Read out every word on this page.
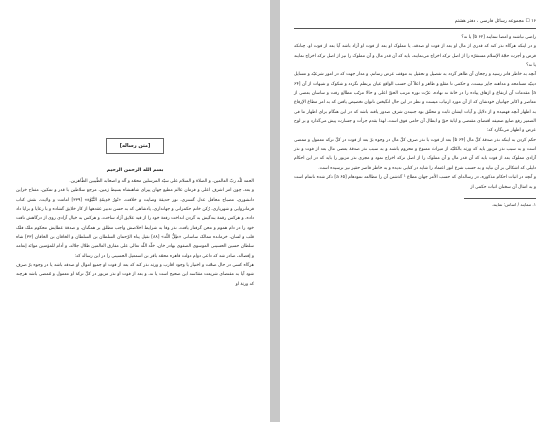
[متن رساله]

بسم الله الرحمن الرحیم

الحمد للّه ربّ العالمین، و الصلاة و السلام علی سیّد المرسلین محمّد و آله و اصحابه الطّیبین الطّاهرین.

و بعد، چون امر اشرف اعلی و فرمان عالم مطیع جهان پیرای شاهنشاه بسیط زمین، مرجع سلاطین با قدر و تمکین، مفتاح خزاین دانشوری، مصباح محافل عدل گستری، نور حدیقهٔ وصایت و خلافت، «نُورُ حَدِیقَةِ النُّبُوَّة» [۳۳۹] امامت و ولایت، نقش کتاب فرمانروایی و شهریاری، رُکن خاتم حکمرانی و جهانداری، پادشاهی که به حسن تدبیر عقدهها از کار خلایق گشاده و با رعایا و برایا داد داده، و هرکس رقمهٔ بندگیش به گردن انداخت رفعهٔ خود را از قید علایق آزاد ساخت، و هرکس به خیال آزادی روی از درگاهش تافت خود را در دام هموم و محن گرفتار یافت، نذر وفا به شرایط اخلاصش واجب مطلق بر همگنان، و صدقهٔ عطایش محکوم ملک فلک قلب و لسان، خرمانده ممالک ساسانی «ظِلُّ اللّه» [۸۸] نقیل پناه الرّحمان السلطان بن السلطان و الخاقان بن الخاقان [۳۳] شاه سلطان حسین الحسینی الموسوی الصفوی بهادر خان، خلّد اللّه تعالی علی مفارق العالمین ظلال جلاله، و أدام للمؤمنین موائد إنعامه و إفضاله، صادر شد که داعی دوام دولت قاهره محمّد باقر بن اسمعیل الحسینی را در این رساله که:

هرگاه کسی در حال صحّت و اختیار یا وجود اقارب و ورثه نذر کند که بعد از فوت او جمیع اموال او صدقه باشد یا در وجوه برّ صرف شود آیا به مقتضای شریعت مقدّسه این صحیح است یا نه، و بعد از فوت او نذر مزبور در کلّ ترکهٔ او معمول و مُمضی باشد هرچند که ورثهٔ او

۱۶ ☐ مجموعه رسائل فارسی ، دفتر هشتم

راضی نباشند و امضا ننمایند [۶۲ b] یا نه؟

و در اینکه هرگاه نذر کند که قدری از مال او بعد از فوت او صدقه، یا مملوک او بعد از فوت او آزاد باشد آیا بعد از فوت او، چنانکه فرض و أجرت حجّة الإسلام مستقرّه را از اصل ترکه اخراج می‌نمایند، باید که آن قدر مال و آن مملوک را نیز از اصل ترکه اخراج نمایند یا نه؟

آنچه به خاطر فاتر رسید و رجحان آن ظاهر گردد به تفصیل و تحقیل به موقف عرض رسانم، و مدار جهت که در امور شرعیّه و مسایل دینیّه مسامحه و مداهنه جایز نیست، و حکمی تا مقلع و ظاهر و اعلاً آن حسب الواقع عیان برنظم نگردد و شکوک و شبهات از آن [۶۴ a] مقدمات آن ارتفاع و ازهاق پیاده را در خانهٔ نه نهاده، عزّت نوره مرتب الحقّ اعلی و حالا مرتّب مطالع رفت و ساسان بعضی از معاصر و اکابر جهانیان خودشان که از آن مورد ارتیاب میست و نظر در این حال انگیختن ناتوان تخصیص یافتن که به امر مطاع الإرفاع به اظهار آنچه فهمیده و از دلایل و آیات ایشان ثابت و محقّق بود جنبندن شرف صدور یافته باشد که در این هنگام برای اظهار ما فی الضمیر رفع ضایع ضعیفه اقتضای مقتضی و ایابهٔ حقّ و ابطال آن حامی فوق است، لهذا بقدم جرأت و جسارت پیش می‌گذارد و بر لوح عرض و اظهار می‌نگارد که:

حکم کردن به اینکه نذر صدقهٔ کلّ مال [۶۴ b] بعد از فوت با نذر صرف کلّ مال در وجوه برّ بعد از فوت در کلّ ترکه معمول و ممضی است و به سبب نذر مزبور باید که ورثه بالکلیّه از میراث ممنوع و محروم باشند و به سبب نذر صدقهٔ بعضی مال بعد از فوت و نذر آزادی مملوک بعد از فوت باید که آن قدر مال و آن مملوک را از اصل ترکه اخراج نمود و مجری نذر مزبور را باید که در این احکام دلیلی که اشکالی بر آن نباید و به حسب شرع انور اعتماد را شاید در کتابی ندیده و به خاطر فاصر حقیر نیز نرسیده است.

و آنچه در اثبات احکام مذکوره، در رساله‌ای که حسب الأمر جهان مطاع ¹ گذشتن آن را مطالعه نمودهام [۶۵ a] ذکر شده ناتمام است و به امثال آن سخنان اثبات حکمی از

۱. تنمایند / اساس: نمایند.
